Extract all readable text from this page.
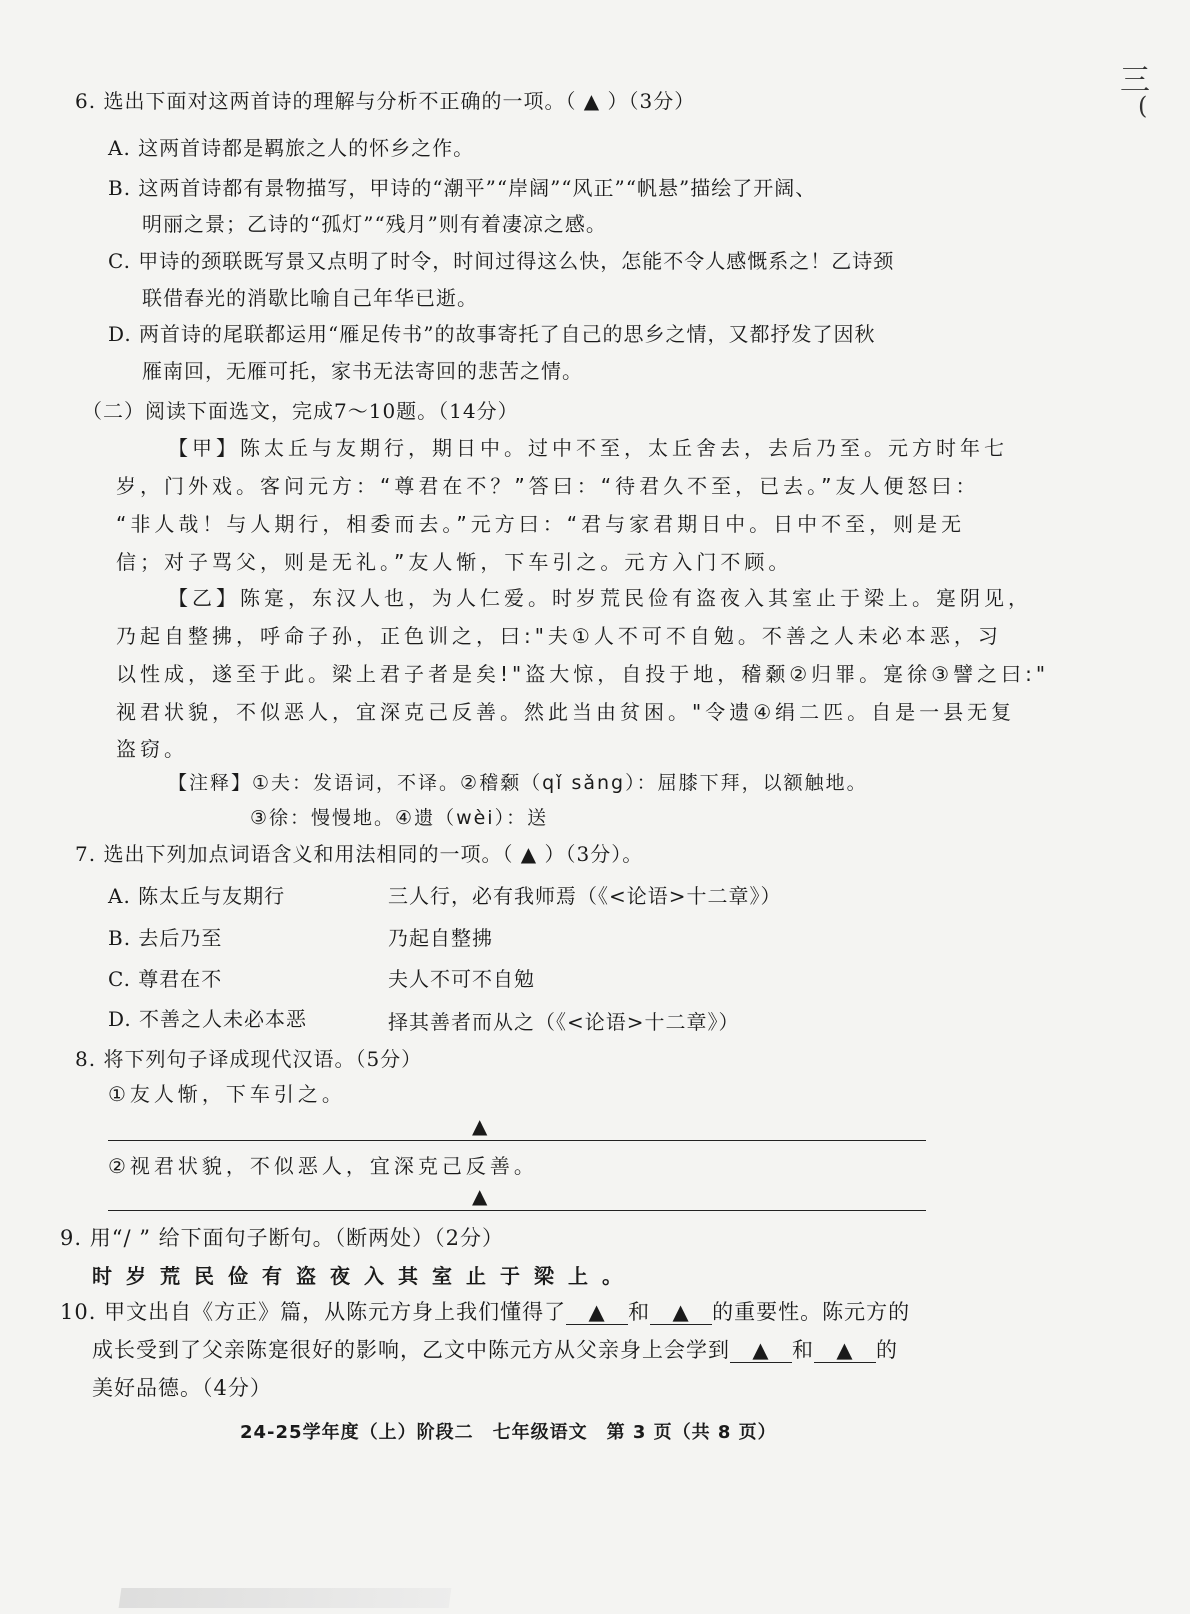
三
(
6. 选出下面对这两首诗的理解与分析不正确的一项。（ ▲ ）（3分）
A. 这两首诗都是羁旅之人的怀乡之作。
B. 这两首诗都有景物描写，甲诗的“潮平”“岸阔”“风正”“帆悬”描绘了开阔、
明丽之景；乙诗的“孤灯”“残月”则有着凄凉之感。
C. 甲诗的颈联既写景又点明了时令，时间过得这么快，怎能不令人感慨系之！乙诗颈
联借春光的消歇比喻自己年华已逝。
D. 两首诗的尾联都运用“雁足传书”的故事寄托了自己的思乡之情，又都抒发了因秋
雁南回，无雁可托，家书无法寄回的悲苦之情。
（二）阅读下面选文，完成7～10题。（14分）
【甲】陈太丘与友期行，期日中。过中不至，太丘舍去，去后乃至。元方时年七
岁，门外戏。客问元方：“尊君在不？”答曰：“待君久不至，已去。”友人便怒曰：
“非人哉！与人期行，相委而去。”元方曰：“君与家君期日中。日中不至，则是无
信；对子骂父，则是无礼。”友人惭，下车引之。元方入门不顾。
【乙】陈寔，东汉人也，为人仁爱。时岁荒民俭有盗夜入其室止于梁上。寔阴见，
乃起自整拂，呼命子孙，正色训之，曰:"夫①人不可不自勉。不善之人未必本恶，习
以性成，遂至于此。梁上君子者是矣!"盗大惊，自投于地，稽颡②归罪。寔徐③譬之曰:"
视君状貌，不似恶人，宜深克己反善。然此当由贫困。"令遗④绢二匹。自是一县无复
盗窃。
【注释】①夫：发语词，不译。②稽颡（qǐ sǎng）：屈膝下拜，以额触地。
③徐：慢慢地。④遗（wèi）：送
7. 选出下列加点词语含义和用法相同的一项。（ ▲ ）（3分）。
A. 陈太丘与友期行	三人行，必有我师焉（《<论语>十二章》）
B. 去后乃至	乃起自整拂
C. 尊君在不	夫人不可不自勉
D. 不善之人未必本恶	择其善者而从之（《<论语>十二章》）
8. 将下列句子译成现代汉语。（5分）
①友人惭，下车引之。
▲
②视君状貌，不似恶人，宜深克己反善。
▲
9. 用“/ ” 给下面句子断句。（断两处）（2分）
时岁荒民俭有盗夜入其室止于梁上。
10. 甲文出自《方正》篇，从陈元方身上我们懂得了 ▲ 和 ▲ 的重要性。陈元方的
成长受到了父亲陈寔很好的影响，乙文中陈元方从父亲身上会学到 ▲ 和 ▲ 的
美好品德。（4分）
24-25学年度（上）阶段二　七年级语文　第 3 页（共 8 页）
